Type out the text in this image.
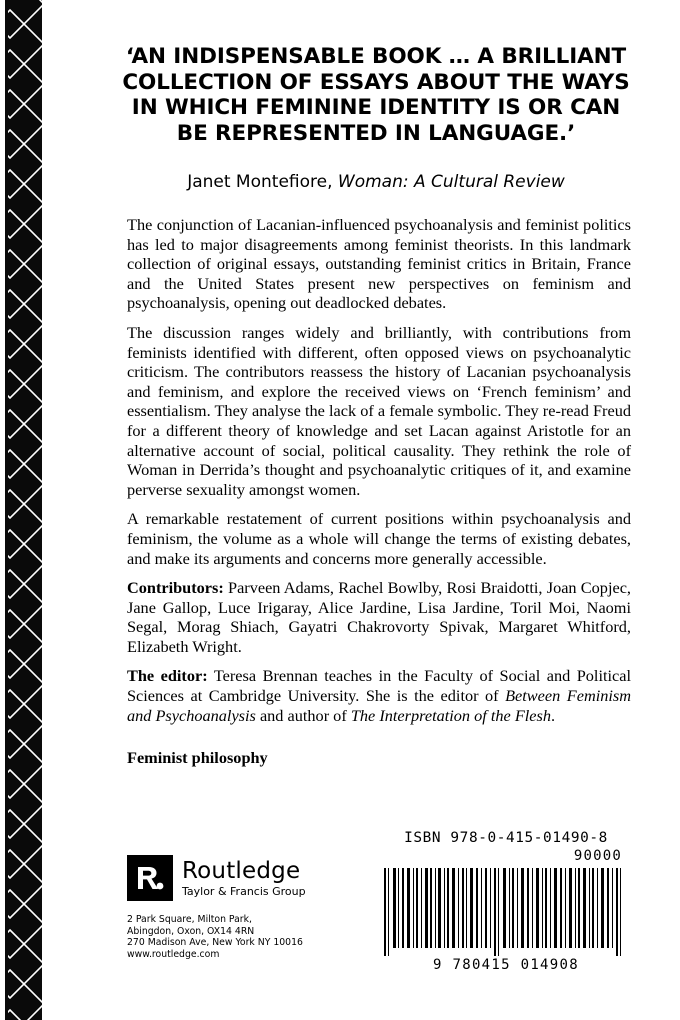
‘AN INDISPENSABLE BOOK … A BRILLIANT COLLECTION OF ESSAYS ABOUT THE WAYS IN WHICH FEMININE IDENTITY IS OR CAN BE REPRESENTED IN LANGUAGE.’
Janet Montefiore, Woman: A Cultural Review

The conjunction of Lacanian-influenced psychoanalysis and feminist politics has led to major disagreements among feminist theorists. In this landmark collection of original essays, outstanding feminist critics in Britain, France and the United States present new perspectives on feminism and psychoanalysis, opening out deadlocked debates.

The discussion ranges widely and brilliantly, with contributions from feminists identified with different, often opposed views on psychoanalytic criticism. The contributors reassess the history of Lacanian psychoanalysis and feminism, and explore the received views on ‘French feminism’ and essentialism. They analyse the lack of a female symbolic. They re-read Freud for a different theory of knowledge and set Lacan against Aristotle for an alternative account of social, political causality. They rethink the role of Woman in Derrida’s thought and psychoanalytic critiques of it, and examine perverse sexuality amongst women.

A remarkable restatement of current positions within psychoanalysis and feminism, the volume as a whole will change the terms of existing debates, and make its arguments and concerns more generally accessible.

Contributors: Parveen Adams, Rachel Bowlby, Rosi Braidotti, Joan Copjec, Jane Gallop, Luce Irigaray, Alice Jardine, Lisa Jardine, Toril Moi, Naomi Segal, Morag Shiach, Gayatri Chakrovorty Spivak, Margaret Whitford, Elizabeth Wright.

The editor: Teresa Brennan teaches in the Faculty of Social and Political Sciences at Cambridge University. She is the editor of Between Feminism and Psychoanalysis and author of The Interpretation of the Flesh.

Feminist philosophy
Routledge
Taylor & Francis Group
2 Park Square, Milton Park,
Abingdon, Oxon, OX14 4RN
270 Madison Ave, New York NY 10016
www.routledge.com
ISBN 978-0-415-01490-8
90000
9 780415 014908
